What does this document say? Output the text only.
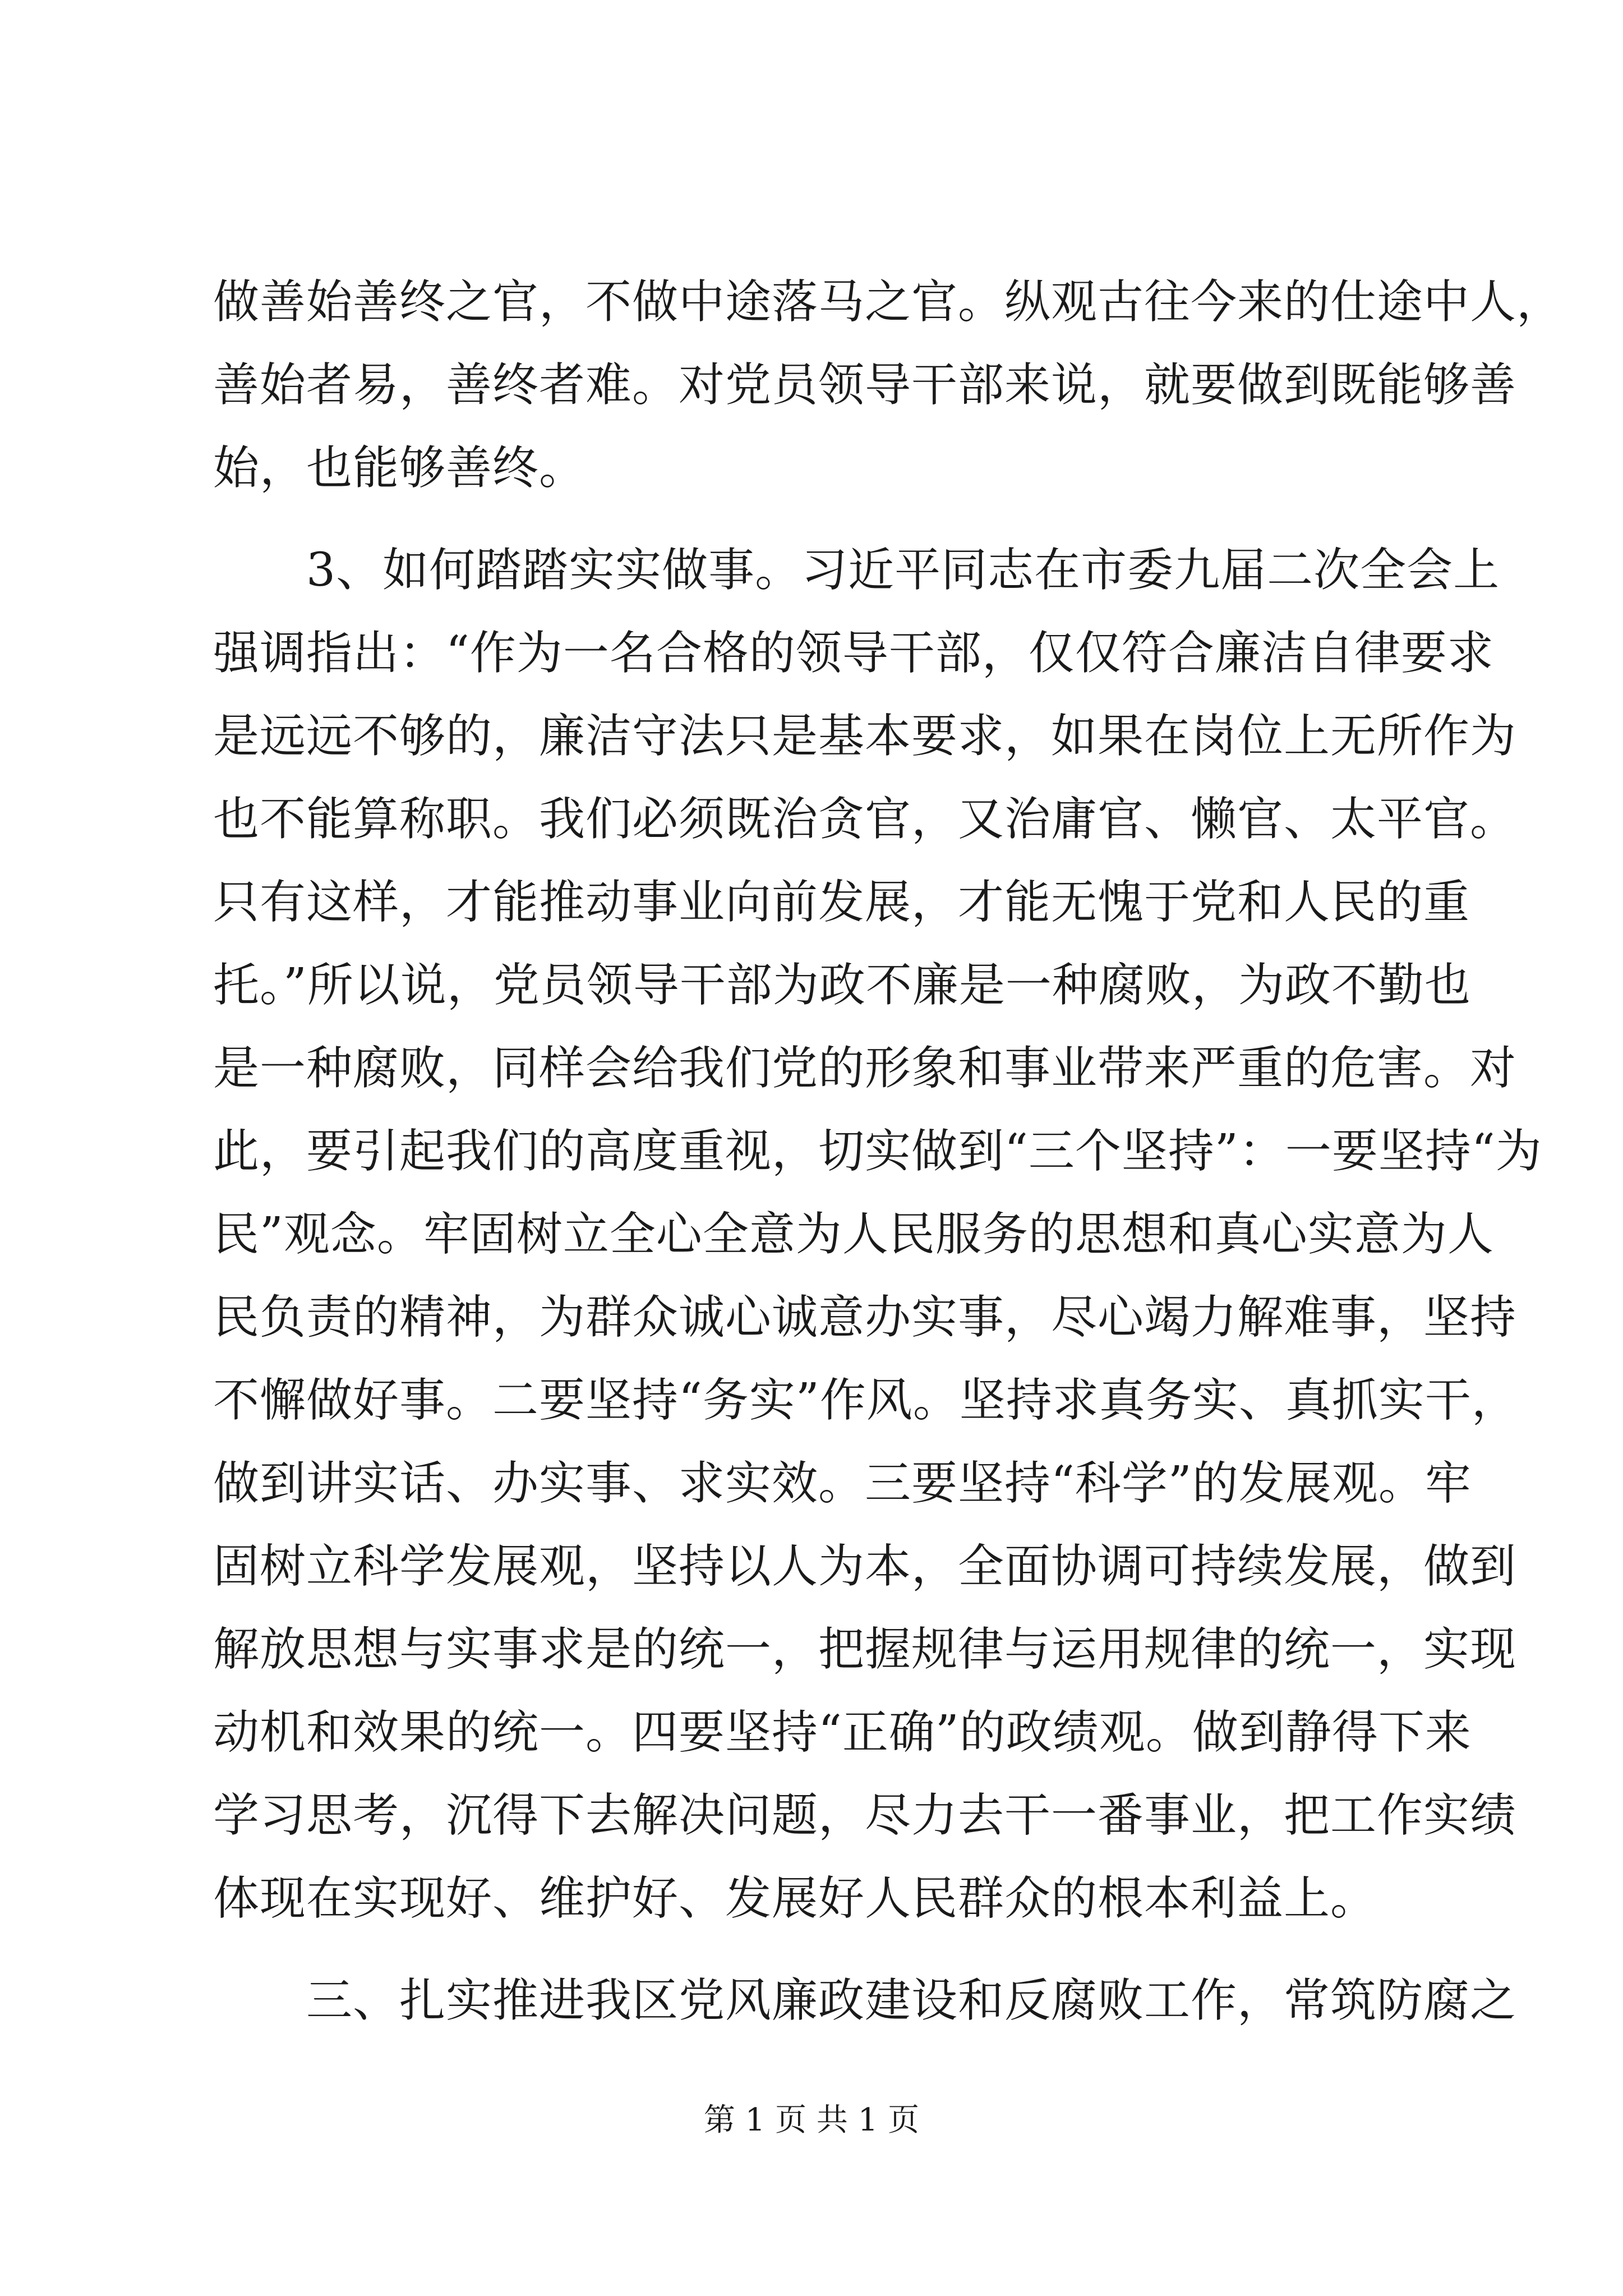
做善始善终之官，不做中途落马之官。纵观古往今来的仕途中人，
善始者易，善终者难。对党员领导干部来说，就要做到既能够善
始，也能够善终。
　　3、如何踏踏实实做事。习近平同志在市委九届二次全会上
强调指出：“作为一名合格的领导干部，仅仅符合廉洁自律要求
是远远不够的，廉洁守法只是基本要求，如果在岗位上无所作为
也不能算称职。我们必须既治贪官，又治庸官、懒官、太平官。
只有这样，才能推动事业向前发展，才能无愧于党和人民的重
托。”所以说，党员领导干部为政不廉是一种腐败，为政不勤也
是一种腐败，同样会给我们党的形象和事业带来严重的危害。对
此，要引起我们的高度重视，切实做到“三个坚持”：一要坚持“为
民”观念。牢固树立全心全意为人民服务的思想和真心实意为人
民负责的精神，为群众诚心诚意办实事，尽心竭力解难事，坚持
不懈做好事。二要坚持“务实”作风。坚持求真务实、真抓实干，
做到讲实话、办实事、求实效。三要坚持“科学”的发展观。牢
固树立科学发展观，坚持以人为本，全面协调可持续发展，做到
解放思想与实事求是的统一，把握规律与运用规律的统一，实现
动机和效果的统一。四要坚持“正确”的政绩观。做到静得下来
学习思考，沉得下去解决问题，尽力去干一番事业，把工作实绩
体现在实现好、维护好、发展好人民群众的根本利益上。
　　三、扎实推进我区党风廉政建设和反腐败工作，常筑防腐之
第 1 页 共 1 页
